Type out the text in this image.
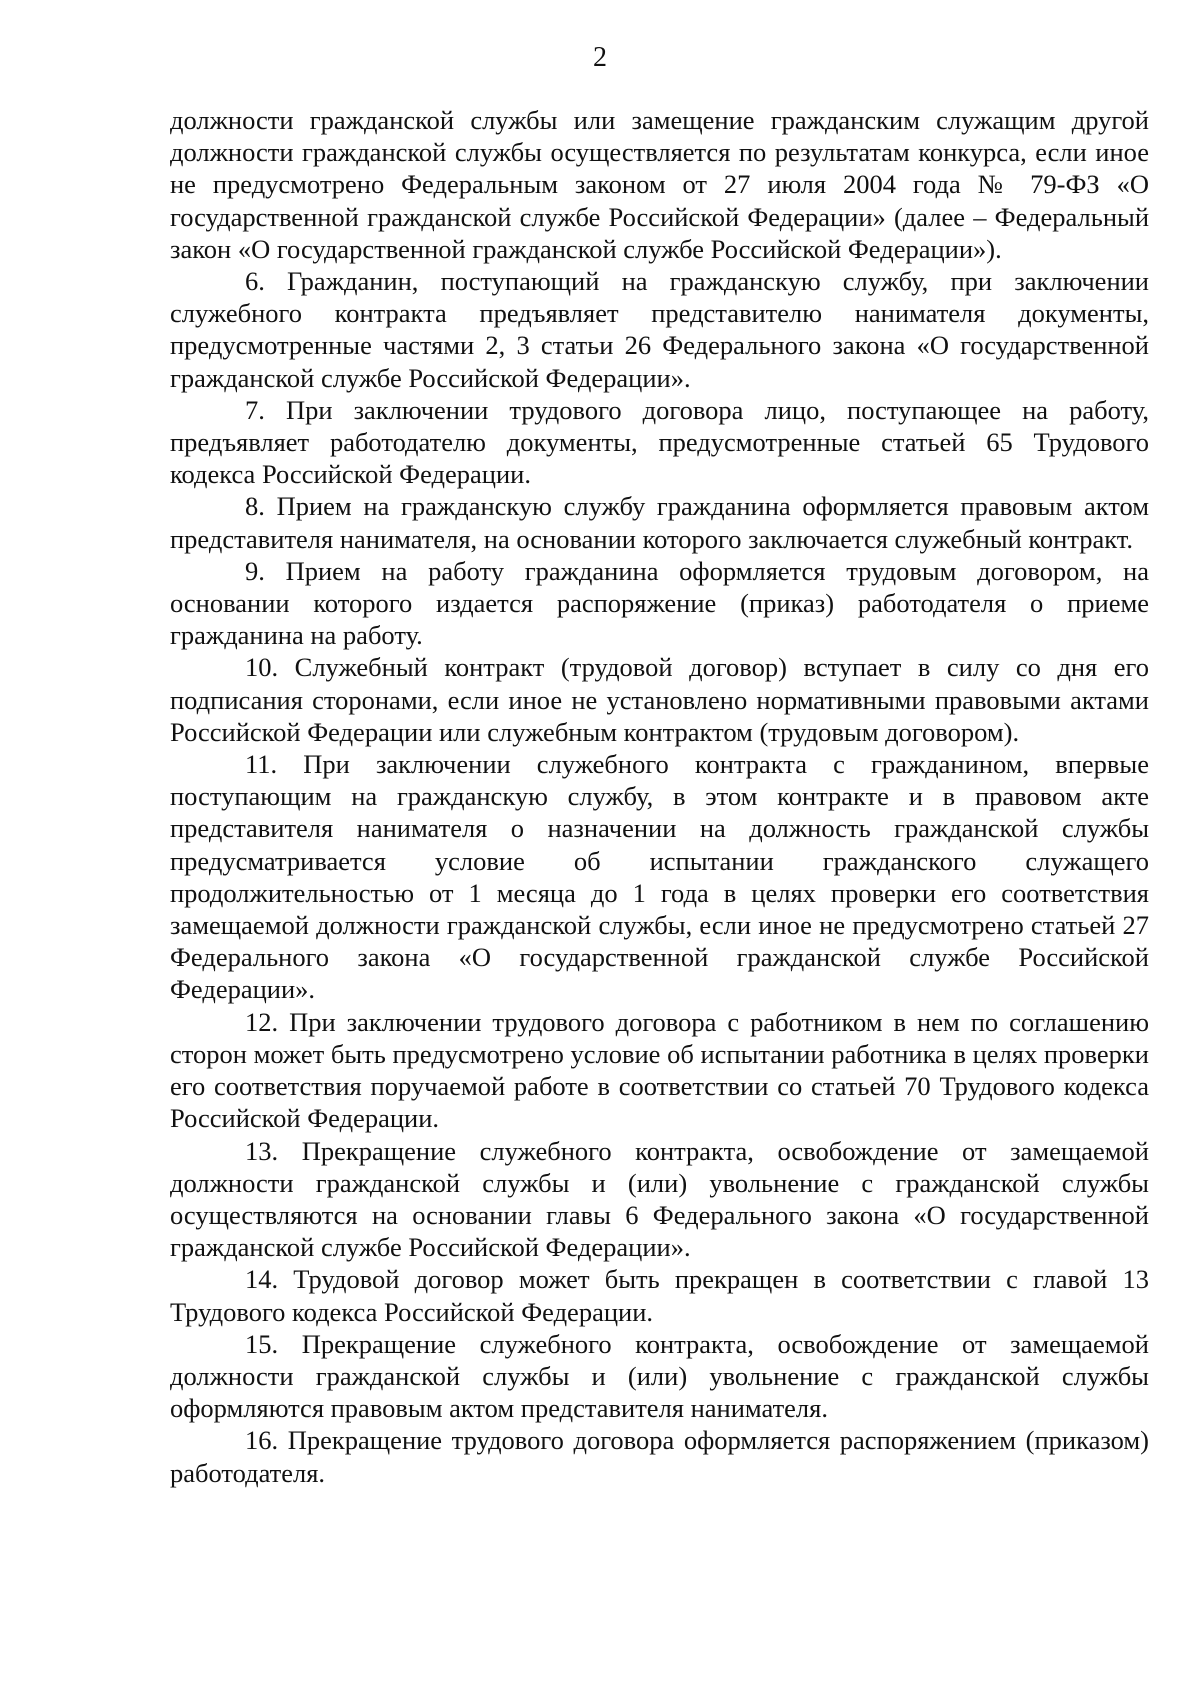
2

должности гражданской службы или замещение гражданским служащим другой должности гражданской службы осуществляется по результатам конкурса, если иное не предусмотрено Федеральным законом от 27 июля 2004 года № 79-ФЗ «О государственной гражданской службе Российской Федерации» (далее – Федеральный закон «О государственной гражданской службе Российской Федерации»).

6. Гражданин, поступающий на гражданскую службу, при заключении служебного контракта предъявляет представителю нанимателя документы, предусмотренные частями 2, 3 статьи 26 Федерального закона «О государственной гражданской службе Российской Федерации».

7. При заключении трудового договора лицо, поступающее на работу, предъявляет работодателю документы, предусмотренные статьей 65 Трудового кодекса Российской Федерации.

8. Прием на гражданскую службу гражданина оформляется правовым актом представителя нанимателя, на основании которого заключается служебный контракт.

9. Прием на работу гражданина оформляется трудовым договором, на основании которого издается распоряжение (приказ) работодателя о приеме гражданина на работу.

10. Служебный контракт (трудовой договор) вступает в силу со дня его подписания сторонами, если иное не установлено нормативными правовыми актами Российской Федерации или служебным контрактом (трудовым договором).

11. При заключении служебного контракта с гражданином, впервые поступающим на гражданскую службу, в этом контракте и в правовом акте представителя нанимателя о назначении на должность гражданской службы предусматривается условие об испытании гражданского служащего продолжительностью от 1 месяца до 1 года в целях проверки его соответствия замещаемой должности гражданской службы, если иное не предусмотрено статьей 27 Федерального закона «О государственной гражданской службе Российской Федерации».

12. При заключении трудового договора с работником в нем по соглашению сторон может быть предусмотрено условие об испытании работника в целях проверки его соответствия поручаемой работе в соответствии со статьей 70 Трудового кодекса Российской Федерации.

13. Прекращение служебного контракта, освобождение от замещаемой должности гражданской службы и (или) увольнение с гражданской службы осуществляются на основании главы 6 Федерального закона «О государственной гражданской службе Российской Федерации».

14. Трудовой договор может быть прекращен в соответствии с главой 13 Трудового кодекса Российской Федерации.

15. Прекращение служебного контракта, освобождение от замещаемой должности гражданской службы и (или) увольнение с гражданской службы оформляются правовым актом представителя нанимателя.

16. Прекращение трудового договора оформляется распоряжением (приказом) работодателя.
